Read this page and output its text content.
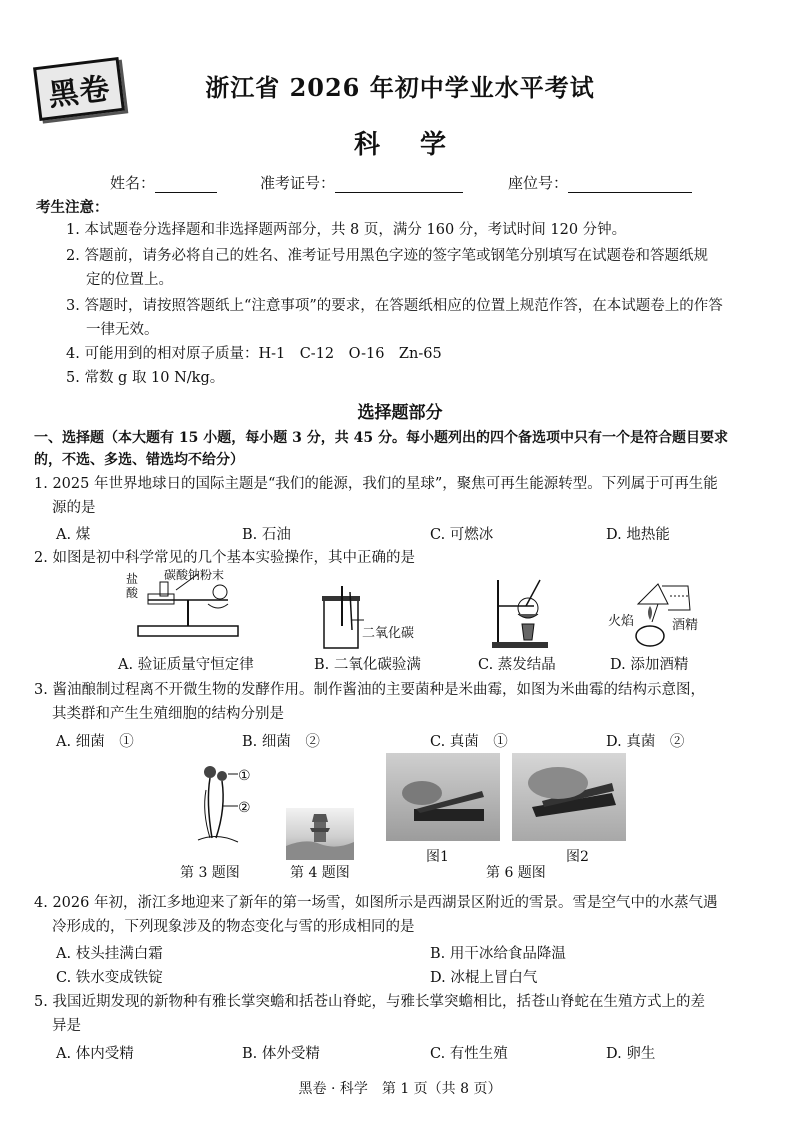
黑卷	浙江省 2026 年初中学业水平考试
科学
姓名：	准考证号：	座位号：
考生注意：
1. 本试题卷分选择题和非选择题两部分，共 8 页，满分 160 分，考试时间 120 分钟。
2. 答题前，请务必将自己的姓名、准考证号用黑色字迹的签字笔或钢笔分别填写在试题卷和答题纸规
定的位置上。
3. 答题时，请按照答题纸上“注意事项”的要求，在答题纸相应的位置上规范作答，在本试题卷上的作答
一律无效。
4. 可能用到的相对原子质量：H-1　C-12　O-16　Zn-65
5. 常数 g 取 10 N/kg。
选择题部分
一、选择题（本大题有 15 小题，每小题 3 分，共 45 分。每小题列出的四个备选项中只有一个是符合题目要求
的，不选、多选、错选均不给分）
1. 2025 年世界地球日的国际主题是“我们的能源，我们的星球”，聚焦可再生能源转型。下列属于可再生能
源的是
A. 煤	B. 石油	C. 可燃冰	D. 地热能
2. 如图是初中科学常见的几个基本实验操作，其中正确的是
盐酸
碳酸钠粉末
二氧化碳
火焰	酒精
A. 验证质量守恒定律	B. 二氧化碳验满	C. 蒸发结晶	D. 添加酒精
3. 酱油酿制过程离不开微生物的发酵作用。制作酱油的主要菌种是米曲霉，如图为米曲霉的结构示意图，
其类群和产生生殖细胞的结构分别是
A. 细菌　①	B. 细菌　②	C. 真菌　①	D. 真菌　②
①
②
第 3 题图	第 4 题图
图1
第 6 题图
图2
4. 2026 年初，浙江多地迎来了新年的第一场雪，如图所示是西湖景区附近的雪景。雪是空气中的水蒸气遇
冷形成的，下列现象涉及的物态变化与雪的形成相同的是
A. 枝头挂满白霜	B. 用干冰给食品降温
C. 铁水变成铁锭	D. 冰棍上冒白气
5. 我国近期发现的新物种有雅长掌突蟾和括苍山脊蛇，与雅长掌突蟾相比，括苍山脊蛇在生殖方式上的差
异是
A. 体内受精	B. 体外受精	C. 有性生殖	D. 卵生
黑卷 · 科学　第 1 页（共 8 页）
